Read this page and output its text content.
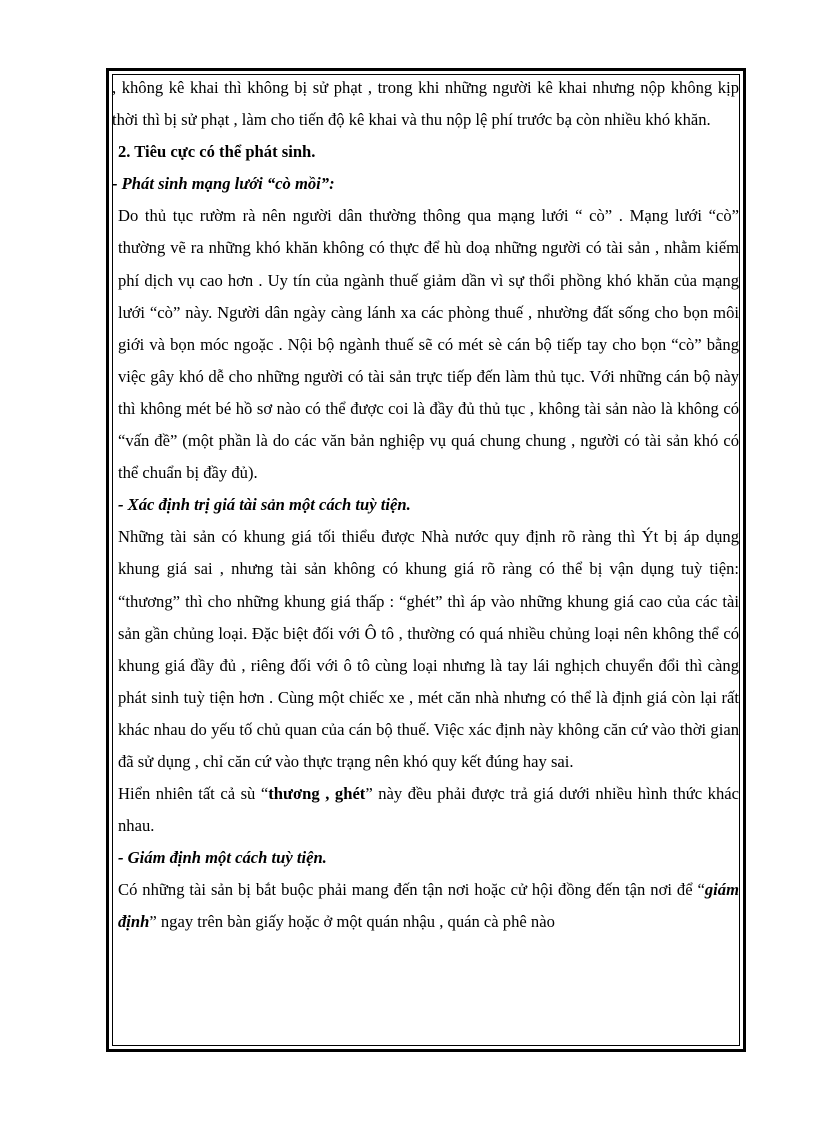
, không kê khai thì không bị sử phạt , trong khi những người kê khai nhưng nộp không kịp thời thì bị sử phạt , làm cho tiến độ kê khai và thu nộp lệ phí trước bạ còn nhiều khó khăn.

2. Tiêu cực có thể phát sinh.

- Phát sinh mạng lưới “cò mồi”:

Do thủ tục rườm rà nên người dân thường thông qua mạng lưới “ cò” . Mạng lưới “cò” thường vẽ ra những khó khăn không có thực để hù doạ những người có tài sản , nhằm kiếm phí dịch vụ cao hơn . Uy tín của ngành thuế giảm dần vì sự thổi phồng khó khăn của mạng lưới “cò” này. Người dân ngày càng lánh xa các phòng thuế , nhường đất sống cho bọn môi giới và bọn móc ngoặc . Nội bộ ngành thuế sẽ có mét sè cán bộ tiếp tay cho bọn “cò” bằng việc gây khó dễ cho những người có tài sản trực tiếp đến làm thủ tục. Với những cán bộ này thì không mét bé hồ sơ nào có thể được coi là đầy đủ thủ tục , không tài sản nào là không có “vấn đề” (một phần là do các văn bản nghiệp vụ quá chung chung , người có tài sản khó có thể chuẩn bị đầy đủ).

- Xác định trị giá tài sản một cách tuỳ tiện.

Những tài sản có khung giá tối thiểu được Nhà nước quy định rõ ràng thì Ýt bị áp dụng khung giá sai , nhưng tài sản không có khung giá rõ ràng có thể bị vận dụng tuỳ tiện: “thương” thì cho những khung giá thấp : “ghét” thì áp vào những khung giá cao của các tài sản gần chủng loại. Đặc biệt đối với Ô tô , thường có quá nhiều chủng loại nên không thể có khung giá đầy đủ , riêng đối với ô tô cùng loại nhưng là tay lái nghịch chuyển đổi thì càng phát sinh tuỳ tiện hơn . Cùng một chiếc xe , mét căn nhà nhưng có thể là định giá còn lại rất khác nhau do yếu tố chủ quan của cán bộ thuế. Việc xác định này không căn cứ vào thời gian đã sử dụng , chỉ căn cứ vào thực trạng nên khó quy kết đúng hay sai.

Hiển nhiên tất cả sù “thương , ghét” này đều phải được trả giá dưới nhiều hình thức khác nhau.

- Giám định một cách tuỳ tiện.

Có những tài sản bị bắt buộc phải mang đến tận nơi hoặc cử hội đồng đến tận nơi để “giám định” ngay trên bàn giấy hoặc ở một quán nhậu , quán cà phê nào
